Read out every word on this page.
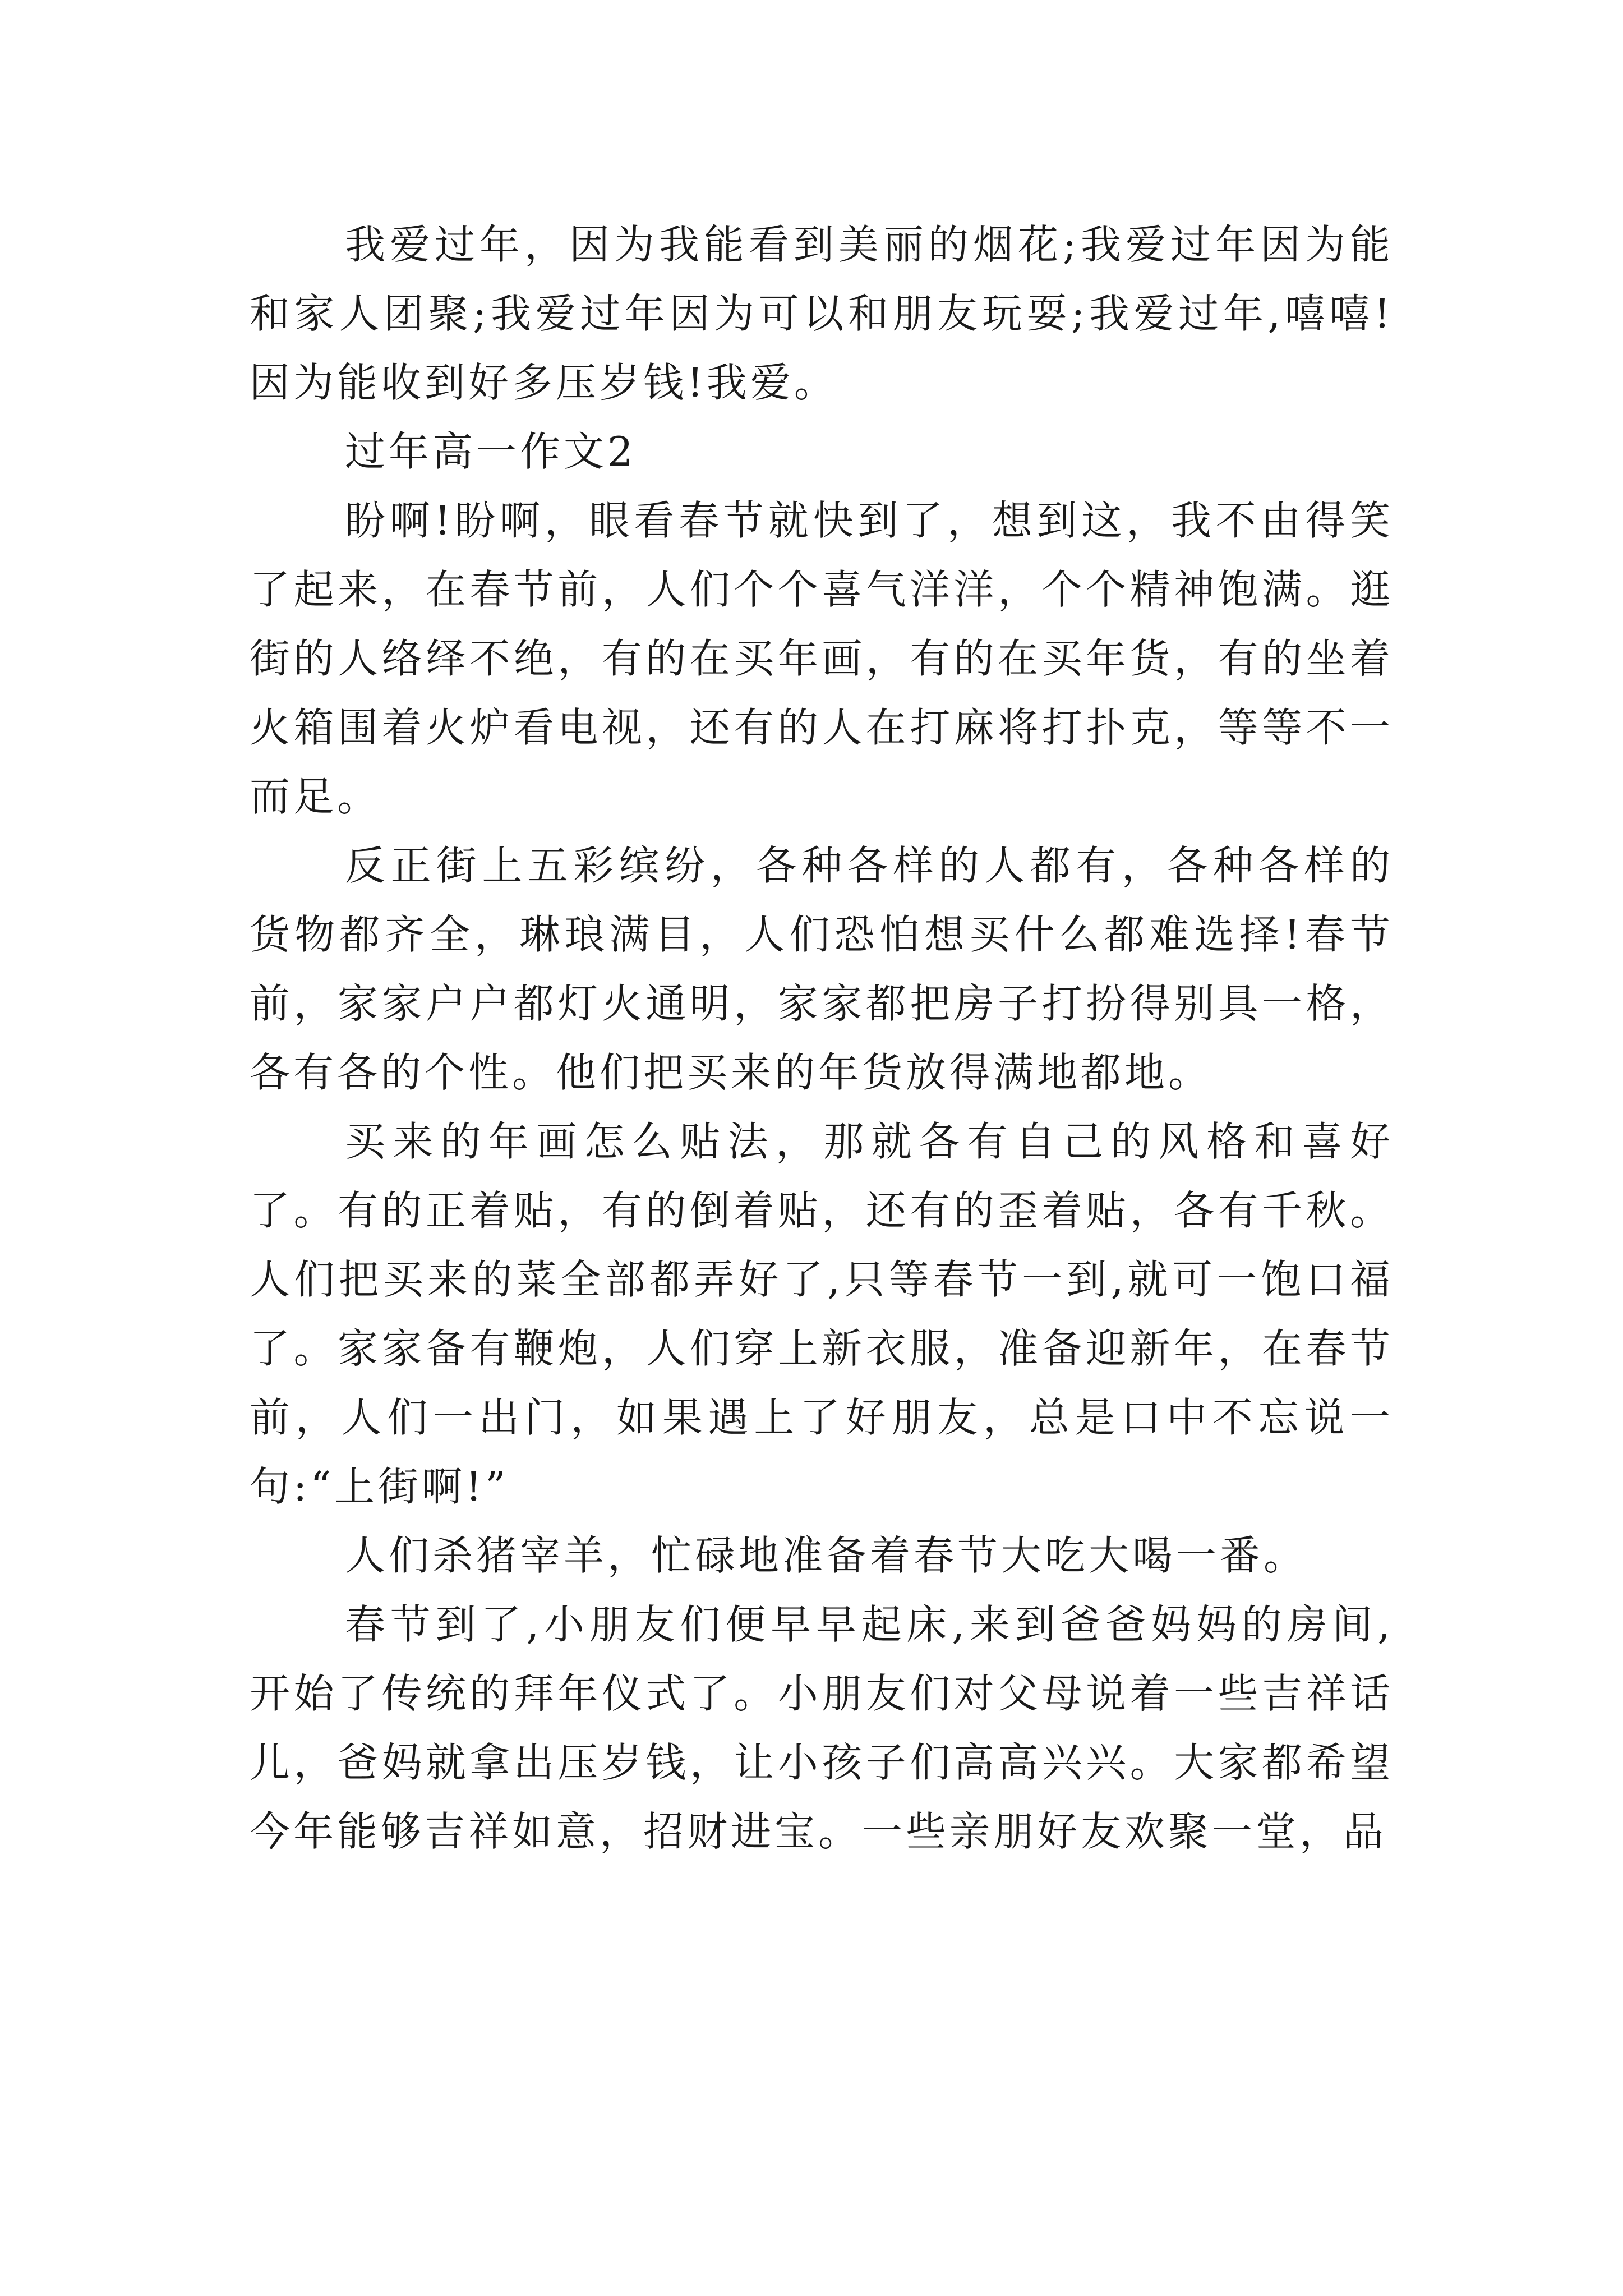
我爱过年，因为我能看到美丽的烟花;我爱过年因为能和家人团聚;我爱过年因为可以和朋友玩耍;我爱过年,嘻嘻!因为能收到好多压岁钱!我爱。

过年高一作文2

盼啊!盼啊，眼看春节就快到了，想到这，我不由得笑了起来，在春节前，人们个个喜气洋洋，个个精神饱满。逛街的人络绎不绝，有的在买年画，有的在买年货，有的坐着火箱围着火炉看电视，还有的人在打麻将打扑克，等等不一而足。

反正街上五彩缤纷，各种各样的人都有，各种各样的货物都齐全，琳琅满目，人们恐怕想买什么都难选择!春节前，家家户户都灯火通明，家家都把房子打扮得别具一格，各有各的个性。他们把买来的年货放得满地都地。

买来的年画怎么贴法，那就各有自己的风格和喜好了。有的正着贴，有的倒着贴，还有的歪着贴，各有千秋。人们把买来的菜全部都弄好了,只等春节一到,就可一饱口福了。家家备有鞭炮，人们穿上新衣服，准备迎新年，在春节前，人们一出门，如果遇上了好朋友，总是口中不忘说一句:“上街啊!”

人们杀猪宰羊，忙碌地准备着春节大吃大喝一番。

春节到了,小朋友们便早早起床,来到爸爸妈妈的房间,开始了传统的拜年仪式了。小朋友们对父母说着一些吉祥话儿，爸妈就拿出压岁钱，让小孩子们高高兴兴。大家都希望今年能够吉祥如意，招财进宝。一些亲朋好友欢聚一堂，品
